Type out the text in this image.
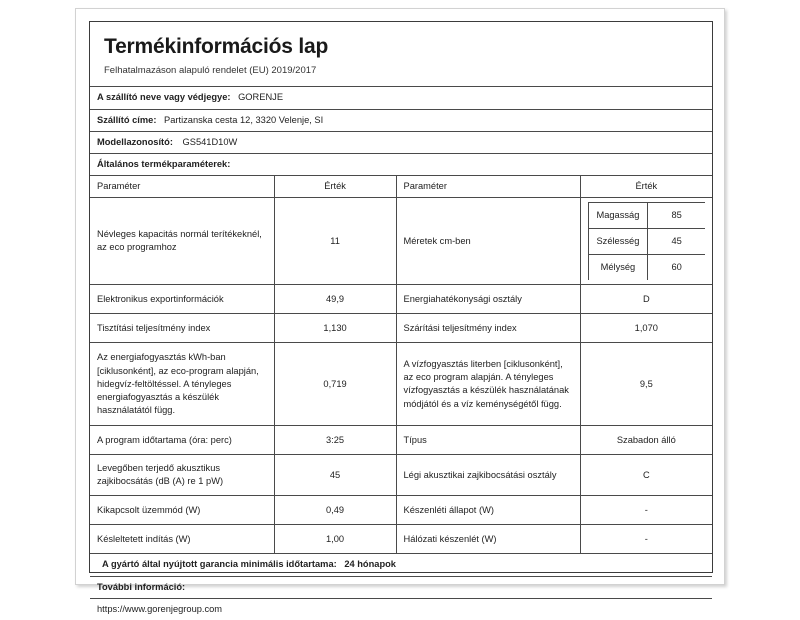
Termékinformációs lap
Felhatalmazáson alapuló rendelet (EU) 2019/2017
A szállító neve vagy védjegye: GORENJE
Szállító címe: Partizanska cesta 12, 3320 Velenje, SI
Modellazonosító: GS541D10W
Általános termékparaméterek:
Paraméter	Érték	Paraméter	Érték
Névleges kapacitás normál terítékeknél, az eco programhoz	11	Méretek cm-ben	
Magasság	85
Szélesség	45
Mélység	60

Elektronikus exportinformációk	49,9	Energiahatékonysági osztály	D
Tisztítási teljesítmény index	1,130	Szárítási teljesítmény index	1,070
Az energiafogyasztás kWh-ban [ciklusonként], az eco-program alapján, hidegvíz-feltöltéssel. A tényleges energiafogyasztás a készülék használatától függ.	0,719	A vízfogyasztás literben [ciklusonként], az eco program alapján. A tényleges vízfogyasztás a készülék használatának módjától és a víz keménységétől függ.	9,5
A program időtartama (óra: perc)	3:25	Típus	Szabadon álló
Levegőben terjedő akusztikus zajkibocsátás (dB (A) re 1 pW)	45	Légi akusztikai zajkibocsátási osztály	C
Kikapcsolt üzemmód (W)	0,49	Készenléti állapot (W)	-
Késleltetett indítás (W)	1,00	Hálózati készenlét (W)	-
A gyártó által nyújtott garancia minimális időtartama: 24 hónapok
További információ:
https://www.gorenjegroup.com
